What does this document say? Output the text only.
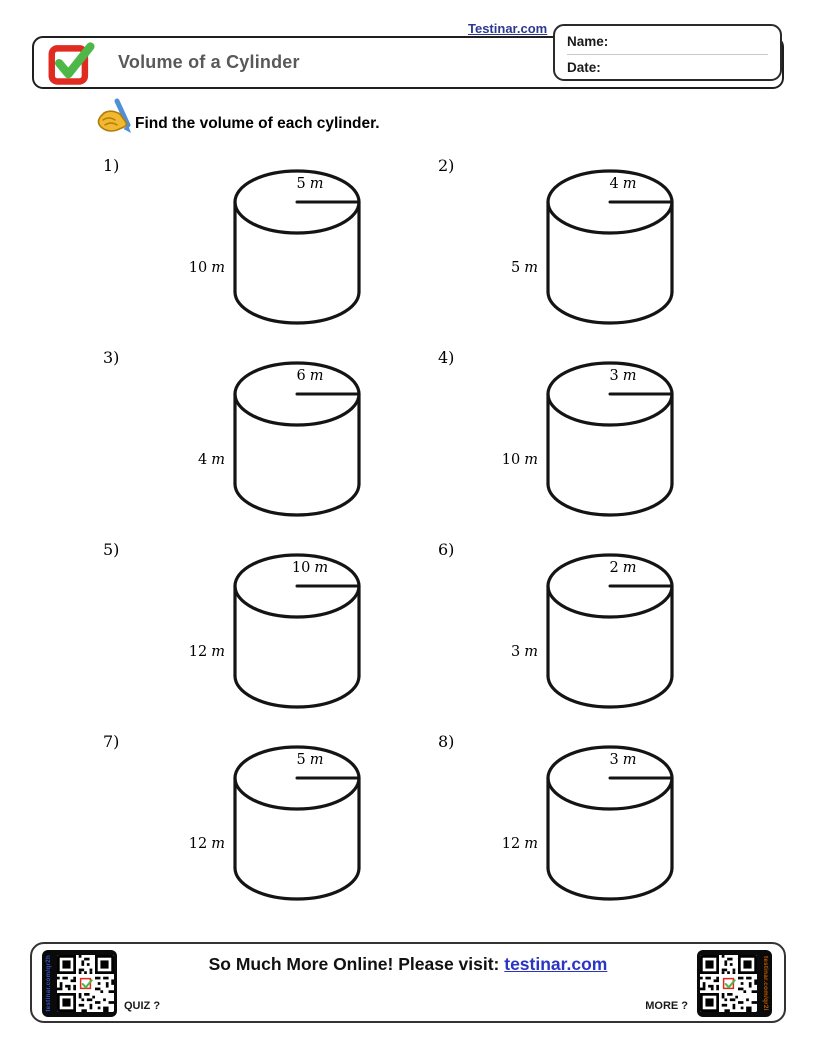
Testinar.com
Volume of a Cylinder
Name:
Date:
Find the volume of each cylinder.
1)
10 m
5 m
2)
5 m
4 m
3)
4 m
6 m
4)
10 m
3 m
5)
12 m
10 m
6)
3 m
2 m
7)
12 m
5 m
8)
12 m
3 m
testinar.com/qr2h	So Much More Online! Please visit: testinar.com
QUIZ ?	MORE ?	testinar.com/qr2i
